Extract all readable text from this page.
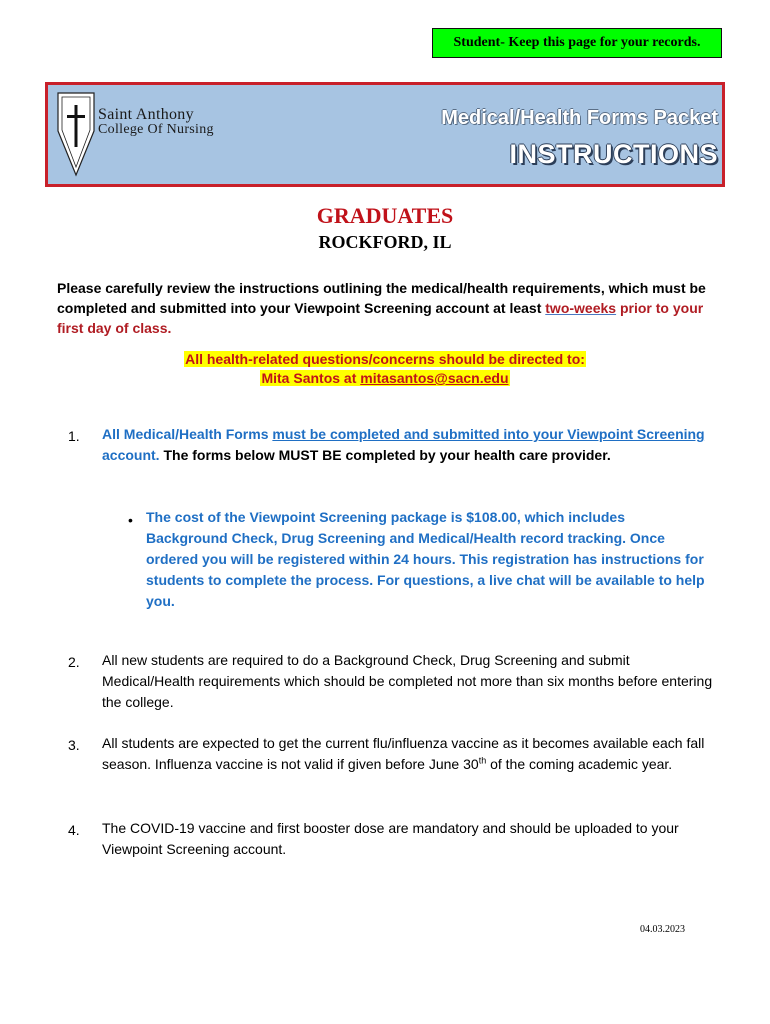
Student- Keep this page for your records.
Saint Anthony
College Of Nursing
Medical/Health Forms Packet
INSTRUCTIONS
GRADUATES
ROCKFORD, IL
Please carefully review the instructions outlining the medical/health requirements, which must be completed and submitted into your Viewpoint Screening account at least two-weeks prior to your first day of class.
All health-related questions/concerns should be directed to:
Mita Santos at mitasantos@sacn.edu
1. All Medical/Health Forms must be completed and submitted into your Viewpoint Screening account. The forms below MUST BE completed by your health care provider.
• The cost of the Viewpoint Screening package is $108.00, which includes Background Check, Drug Screening and Medical/Health record tracking. Once ordered you will be registered within 24 hours. This registration has instructions for students to complete the process. For questions, a live chat will be available to help you.
2. All new students are required to do a Background Check, Drug Screening and submit Medical/Health requirements which should be completed not more than six months before entering the college.
3. All students are expected to get the current flu/influenza vaccine as it becomes available each fall season. Influenza vaccine is not valid if given before June 30th of the coming academic year.
4. The COVID-19 vaccine and first booster dose are mandatory and should be uploaded to your Viewpoint Screening account.
04.03.2023
